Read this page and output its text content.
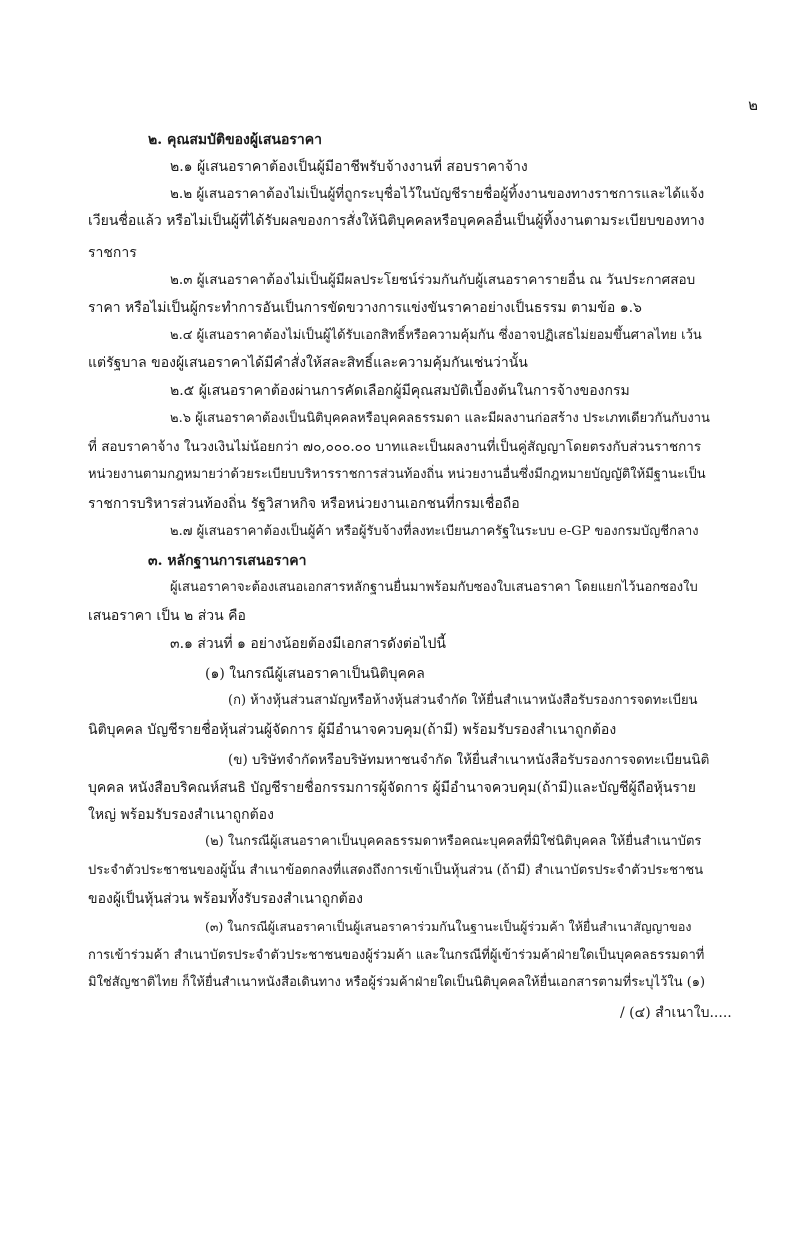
๒
๒. คุณสมบัติของผู้เสนอราคา
๒.๑ ผู้เสนอราคาต้องเป็นผู้มีอาชีพรับจ้างงานที่ สอบราคาจ้าง
๒.๒ ผู้เสนอราคาต้องไม่เป็นผู้ที่ถูกระบุชื่อไว้ในบัญชีรายชื่อผู้ทิ้งงานของทางราชการและได้แจ้ง
เวียนชื่อแล้ว หรือไม่เป็นผู้ที่ได้รับผลของการสั่งให้นิติบุคคลหรือบุคคลอื่นเป็นผู้ทิ้งงานตามระเบียบของทาง
ราชการ
๒.๓ ผู้เสนอราคาต้องไม่เป็นผู้มีผลประโยชน์ร่วมกันกับผู้เสนอราคารายอื่น ณ วันประกาศสอบ
ราคา หรือไม่เป็นผู้กระทำการอันเป็นการขัดขวางการแข่งขันราคาอย่างเป็นธรรม ตามข้อ ๑.๖
๒.๔ ผู้เสนอราคาต้องไม่เป็นผู้ได้รับเอกสิทธิ์หรือความคุ้มกัน ซึ่งอาจปฏิเสธไม่ยอมขึ้นศาลไทย เว้น
แต่รัฐบาล ของผู้เสนอราคาได้มีคำสั่งให้สละสิทธิ์และความคุ้มกันเช่นว่านั้น
๒.๕ ผู้เสนอราคาต้องผ่านการคัดเลือกผู้มีคุณสมบัติเบื้องต้นในการจ้างของกรม
๒.๖ ผู้เสนอราคาต้องเป็นนิติบุคคลหรือบุคคลธรรมดา และมีผลงานก่อสร้าง ประเภทเดียวกันกับงาน
ที่ สอบราคาจ้าง ในวงเงินไม่น้อยกว่า ๗๐,๐๐๐.๐๐ บาทและเป็นผลงานที่เป็นคู่สัญญาโดยตรงกับส่วนราชการ
หน่วยงานตามกฎหมายว่าด้วยระเบียบบริหารราชการส่วนท้องถิ่น หน่วยงานอื่นซึ่งมีกฎหมายบัญญัติให้มีฐานะเป็น
ราชการบริหารส่วนท้องถิ่น รัฐวิสาหกิจ หรือหน่วยงานเอกชนที่กรมเชื่อถือ
๒.๗ ผู้เสนอราคาต้องเป็นผู้ค้า หรือผู้รับจ้างที่ลงทะเบียนภาครัฐในระบบ e-GP ของกรมบัญชีกลาง
๓. หลักฐานการเสนอราคา
ผู้เสนอราคาจะต้องเสนอเอกสารหลักฐานยื่นมาพร้อมกับซองใบเสนอราคา โดยแยกไว้นอกซองใบ
เสนอราคา เป็น ๒ ส่วน คือ
๓.๑ ส่วนที่ ๑ อย่างน้อยต้องมีเอกสารดังต่อไปนี้
(๑) ในกรณีผู้เสนอราคาเป็นนิติบุคคล
(ก) ห้างหุ้นส่วนสามัญหรือห้างหุ้นส่วนจำกัด ให้ยื่นสำเนาหนังสือรับรองการจดทะเบียน
นิติบุคคล บัญชีรายชื่อหุ้นส่วนผู้จัดการ ผู้มีอำนาจควบคุม(ถ้ามี) พร้อมรับรองสำเนาถูกต้อง
(ข) บริษัทจำกัดหรือบริษัทมหาชนจำกัด ให้ยื่นสำเนาหนังสือรับรองการจดทะเบียนนิติ
บุคคล หนังสือบริคณห์สนธิ บัญชีรายชื่อกรรมการผู้จัดการ ผู้มีอำนาจควบคุม(ถ้ามี)และบัญชีผู้ถือหุ้นราย
ใหญ่ พร้อมรับรองสำเนาถูกต้อง
(๒) ในกรณีผู้เสนอราคาเป็นบุคคลธรรมดาหรือคณะบุคคลที่มิใช่นิติบุคคล ให้ยื่นสำเนาบัตร
ประจำตัวประชาชนของผู้นั้น สำเนาข้อตกลงที่แสดงถึงการเข้าเป็นหุ้นส่วน (ถ้ามี) สำเนาบัตรประจำตัวประชาชน
ของผู้เป็นหุ้นส่วน พร้อมทั้งรับรองสำเนาถูกต้อง
(๓) ในกรณีผู้เสนอราคาเป็นผู้เสนอราคาร่วมกันในฐานะเป็นผู้ร่วมค้า ให้ยื่นสำเนาสัญญาของ
การเข้าร่วมค้า สำเนาบัตรประจำตัวประชาชนของผู้ร่วมค้า และในกรณีที่ผู้เข้าร่วมค้าฝ่ายใดเป็นบุคคลธรรมดาที่
มิใช่สัญชาติไทย ก็ให้ยื่นสำเนาหนังสือเดินทาง หรือผู้ร่วมค้าฝ่ายใดเป็นนิติบุคคลให้ยื่นเอกสารตามที่ระบุไว้ใน (๑)
/ (๔) สำเนาใบ.....
